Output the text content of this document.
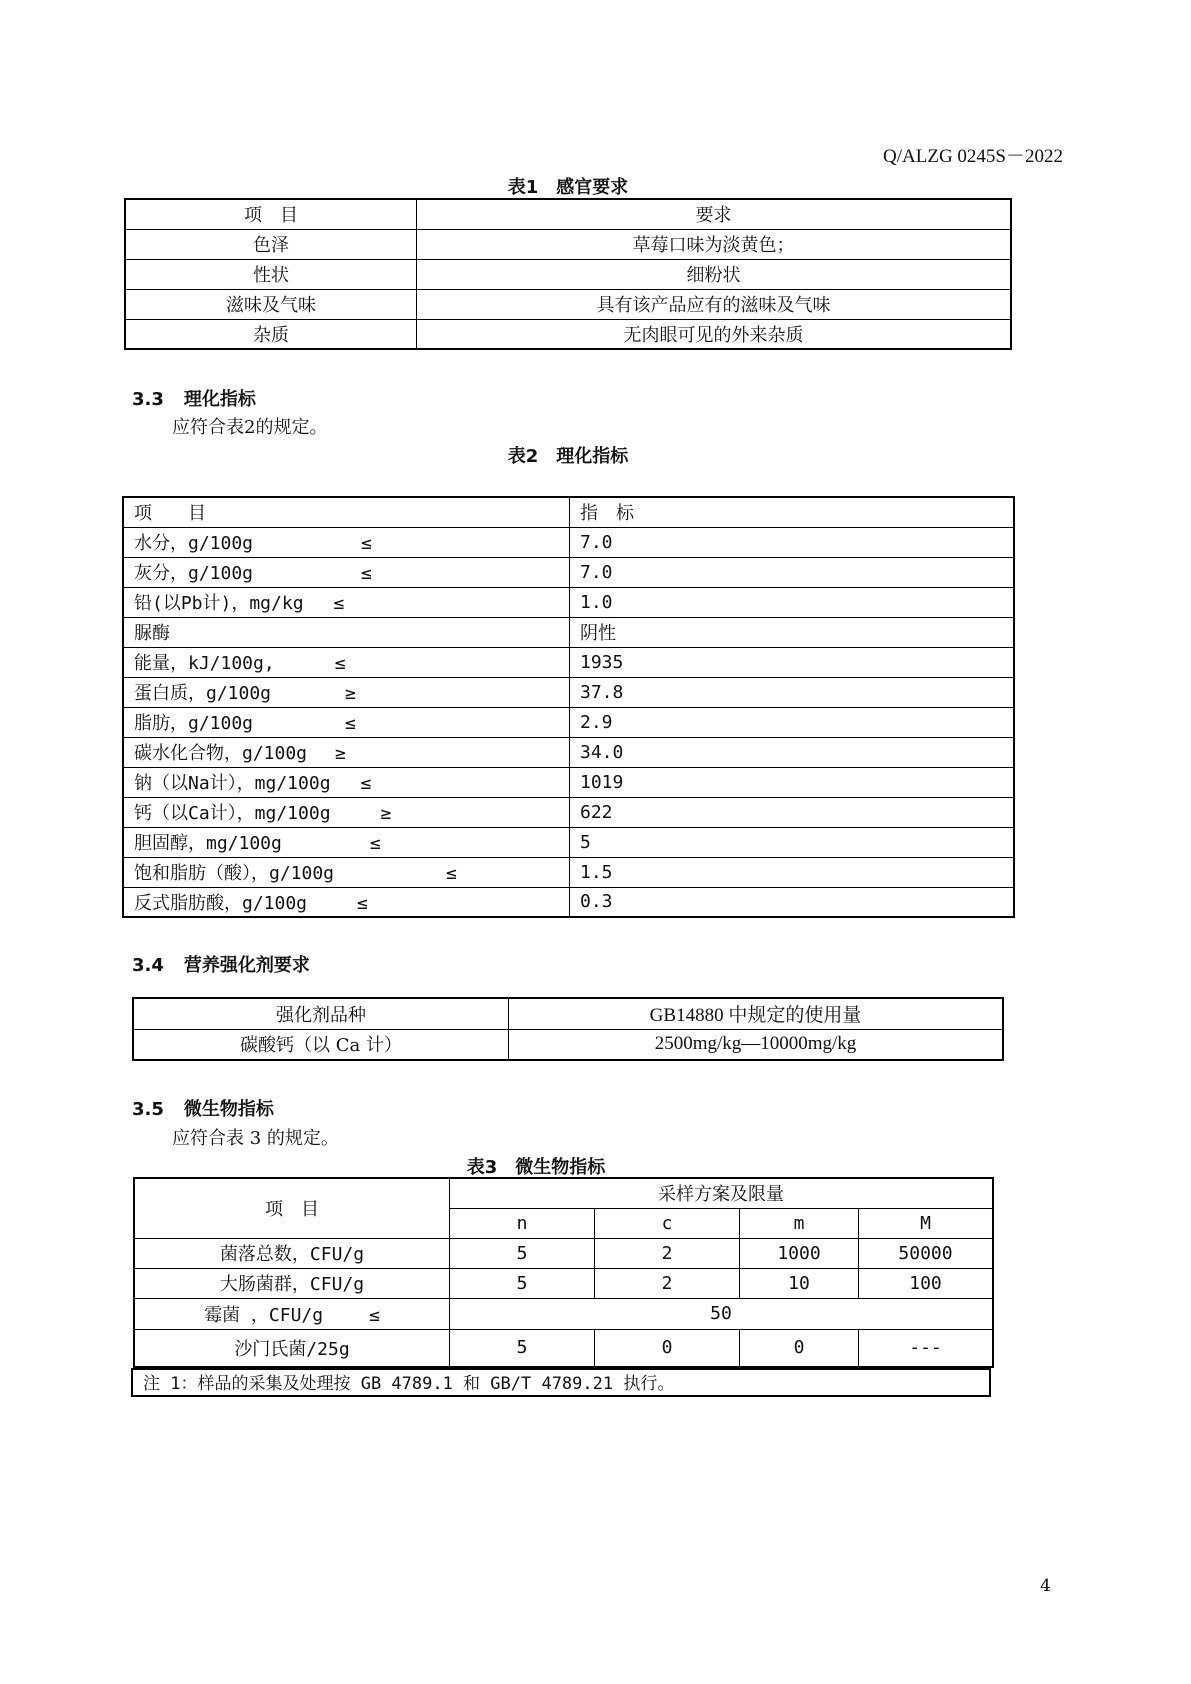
Q/ALZG 0245S－2022
表1　感官要求
项　目	要求
色泽	草莓口味为淡黄色；
性状	细粉状
滋味及气味	具有该产品应有的滋味及气味
杂质	无肉眼可见的外来杂质
3.3 理化指标
应符合表2的规定。
表2　理化指标
项　　目	指　标
水分，g/100g ≤	7.0
灰分，g/100g ≤	7.0
铅(以Pb计)，mg/kg ≤	1.0
脲酶	阴性
能量，kJ/100g, ≤	1935
蛋白质，g/100g ≥	37.8
脂肪，g/100g ≤	2.9
碳水化合物，g/100g ≥	34.0
钠（以Na计），mg/100g ≤	1019
钙（以Ca计），mg/100g ≥	622
胆固醇，mg/100g ≤	5
饱和脂肪（酸），g/100g ≤	1.5
反式脂肪酸，g/100g ≤	0.3
3.4 营养强化剂要求
强化剂品种	GB14880 中规定的使用量
碳酸钙（以 Ca 计）	2500mg/kg—10000mg/kg
3.5 微生物指标
应符合表 3 的规定。
表3　微生物指标
项　目	采样方案及限量			
	n	c	m	M
菌落总数，CFU/g	5	2	1000	50000
大肠菌群，CFU/g	5	2	10	100
霉菌 ，CFU/g ≤	50			
沙门氏菌/25g	5	0	0	---
注 1：样品的采集及处理按 GB 4789.1 和 GB/T 4789.21 执行。
4
